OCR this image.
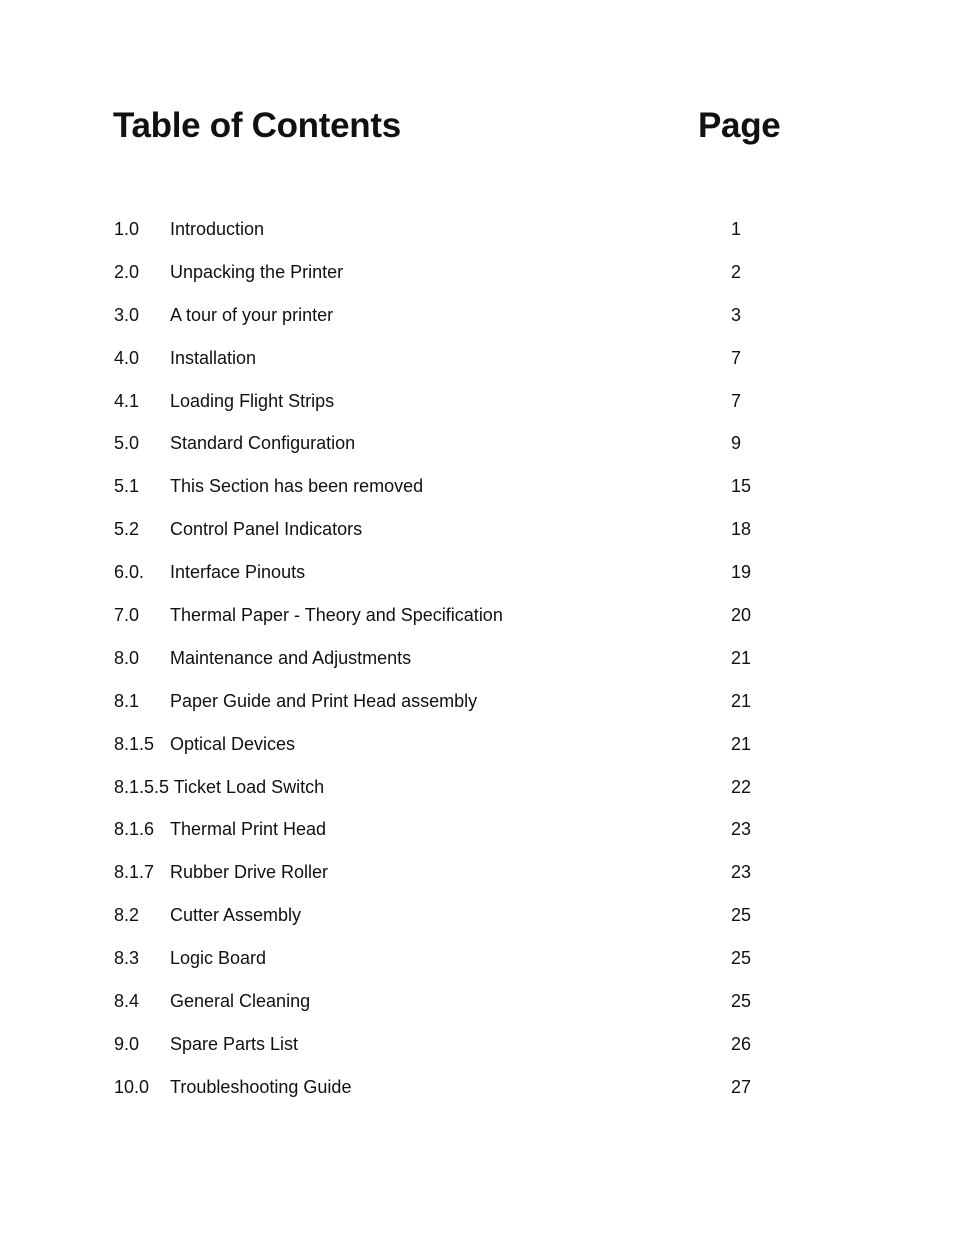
Table of Contents	Page
1.0 Introduction	1
2.0 Unpacking the Printer	2
3.0 A tour of your printer	3
4.0 Installation	7
4.1 Loading Flight Strips	7
5.0 Standard Configuration	9
5.1 This Section has been removed	15
5.2 Control Panel Indicators	18
6.0. Interface Pinouts	19
7.0 Thermal Paper - Theory and Specification	20
8.0 Maintenance and Adjustments	21
8.1 Paper Guide and Print Head assembly	21
8.1.5 Optical Devices	21
8.1.5.5 Ticket Load Switch	22
8.1.6 Thermal Print Head	23
8.1.7 Rubber Drive Roller	23
8.2 Cutter Assembly	25
8.3 Logic Board	25
8.4 General Cleaning	25
9.0 Spare Parts List	26
10.0 Troubleshooting Guide	27
